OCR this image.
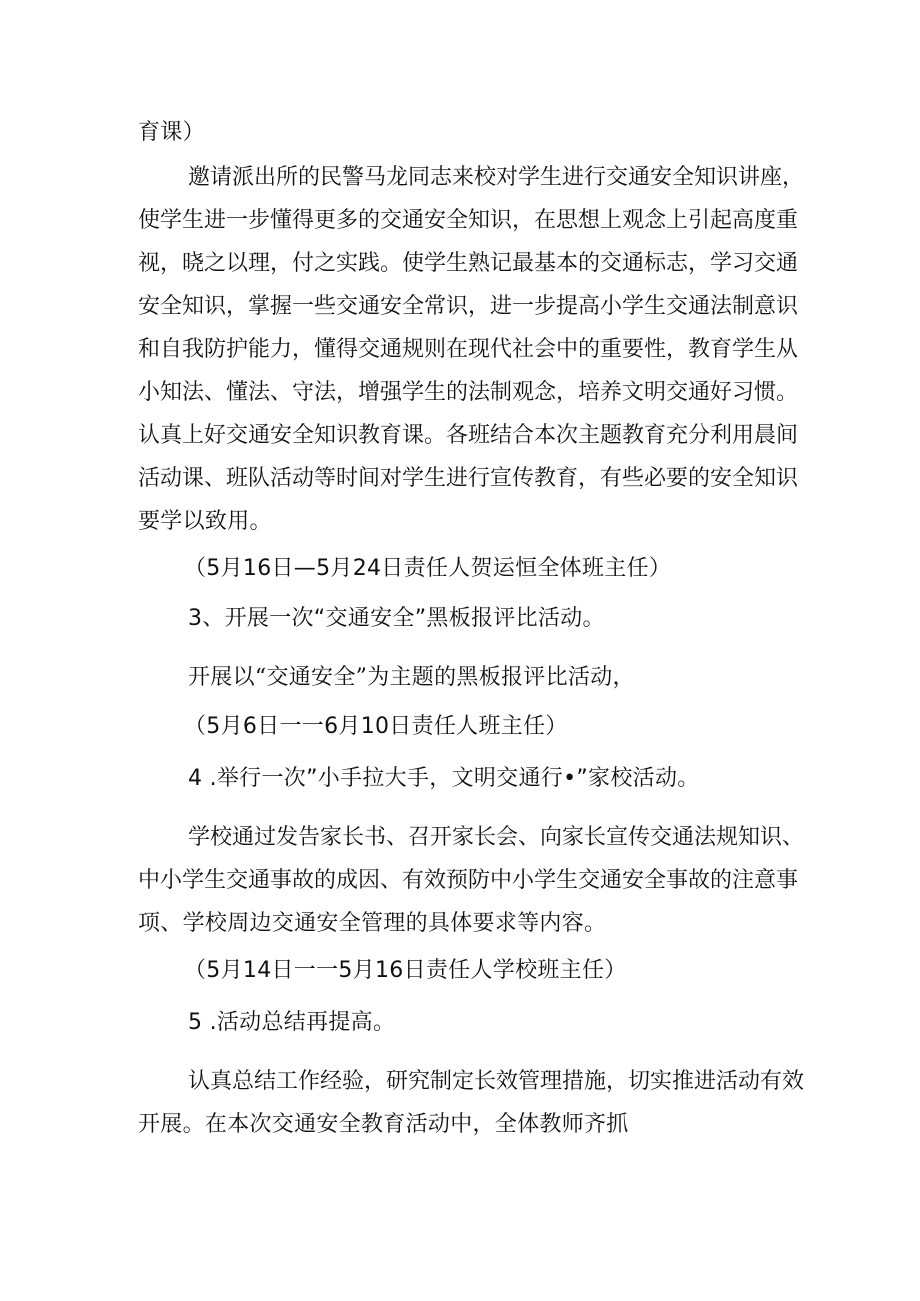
育课）
邀请派出所的民警马龙同志来校对学生进行交通安全知识讲座，
使学生进一步懂得更多的交通安全知识，在思想上观念上引起高度重
视，晓之以理，付之实践。使学生熟记最基本的交通标志，学习交通
安全知识，掌握一些交通安全常识，进一步提高小学生交通法制意识
和自我防护能力，懂得交通规则在现代社会中的重要性，教育学生从
小知法、懂法、守法，增强学生的法制观念，培养文明交通好习惯。
认真上好交通安全知识教育课。各班结合本次主题教育充分利用晨间
活动课、班队活动等时间对学生进行宣传教育，有些必要的安全知识
要学以致用。
（5月16日—5月24日责任人贺运恒全体班主任）
3、开展一次“交通安全”黑板报评比活动。
开展以“交通安全”为主题的黑板报评比活动，
（5月6日一一6月10日责任人班主任）
4 .举行一次”小手拉大手，文明交通行•”家校活动。
学校通过发告家长书、召开家长会、向家长宣传交通法规知识、
中小学生交通事故的成因、有效预防中小学生交通安全事故的注意事
项、学校周边交通安全管理的具体要求等内容。
（5月14日一一5月16日责任人学校班主任）
5 .活动总结再提高。
认真总结工作经验，研究制定长效管理措施，切实推进活动有效
开展。在本次交通安全教育活动中，全体教师齐抓
